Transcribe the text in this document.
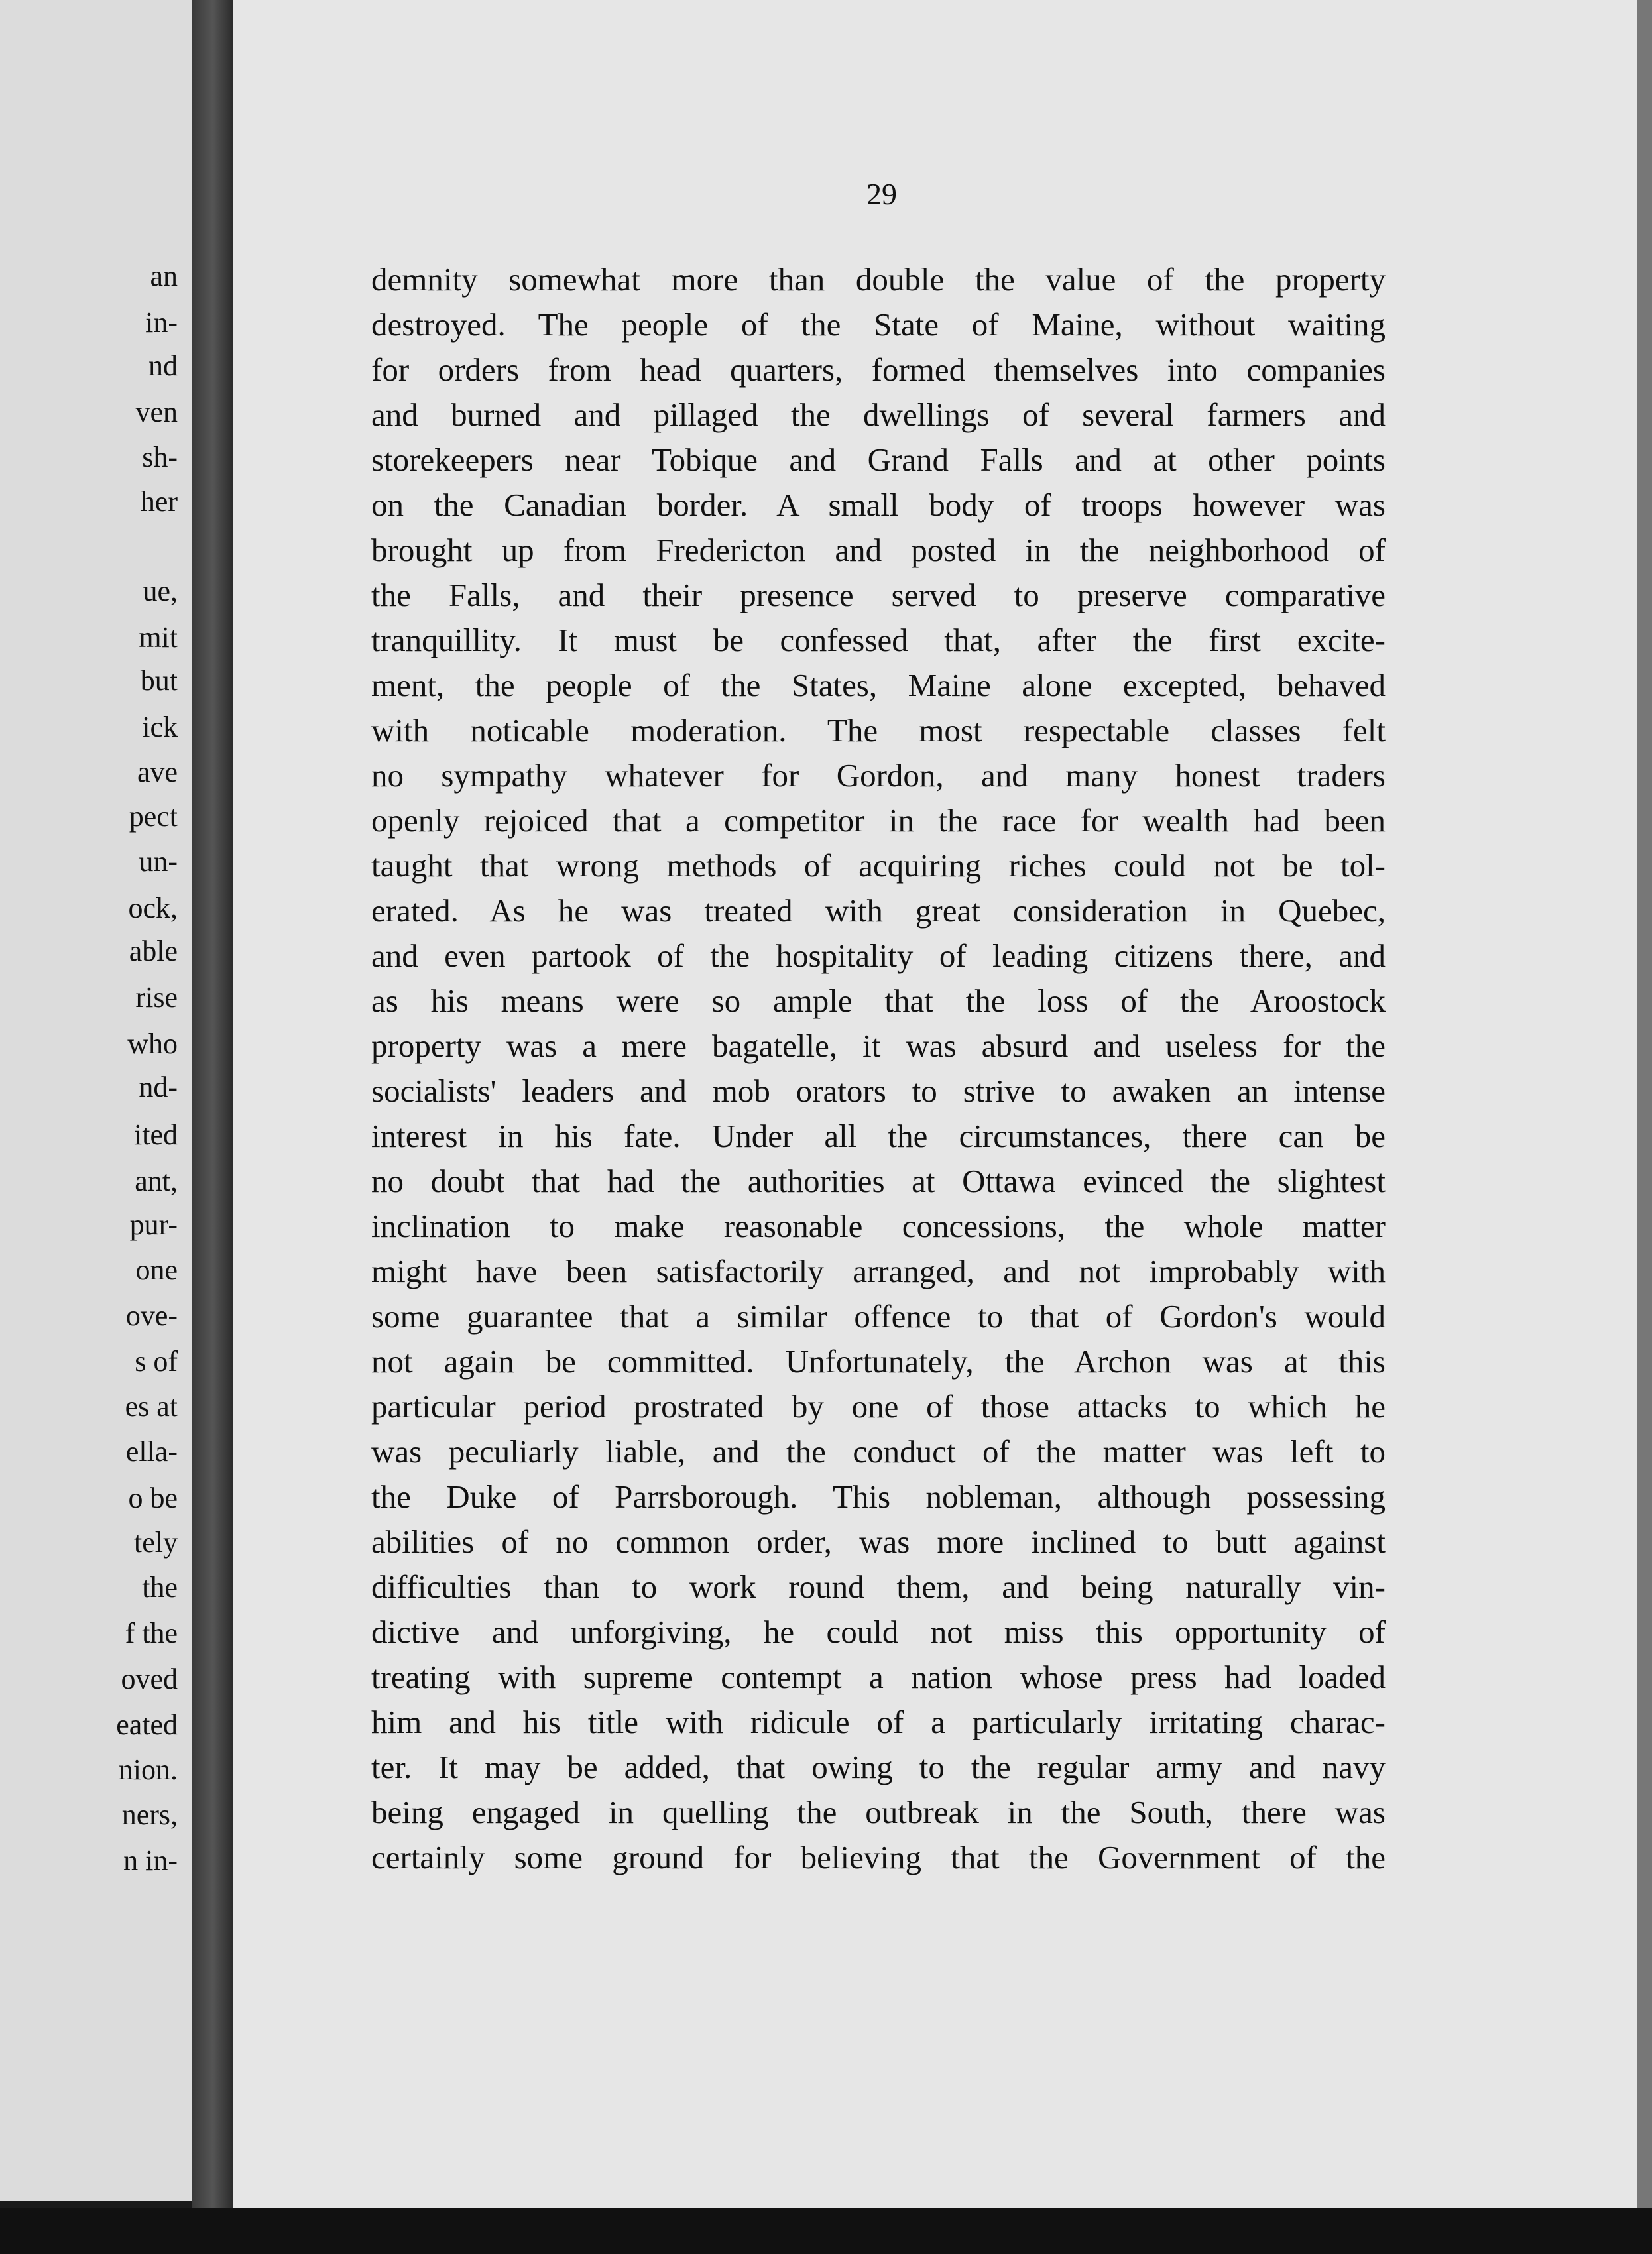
an
in-
nd
ven
sh-
her
ue,
mit
but
ick
ave
pect
un-
ock,
able
rise
who
nd-
ited
ant,
pur-
one
ove-
s of
es at
ella-
o be
tely
the
f the
oved
eated
nion.
ners,
n in-
29
demnity somewhat more than double the value of the property
destroyed. The people of the State of Maine, without waiting
for orders from head quarters, formed themselves into companies
and burned and pillaged the dwellings of several farmers and
storekeepers near Tobique and Grand Falls and at other points
on the Canadian border. A small body of troops however was
brought up from Fredericton and posted in the neighborhood of
the Falls, and their presence served to preserve comparative
tranquillity. It must be confessed that, after the first excite-
ment, the people of the States, Maine alone excepted, behaved
with noticable moderation. The most respectable classes felt
no sympathy whatever for Gordon, and many honest traders
openly rejoiced that a competitor in the race for wealth had been
taught that wrong methods of acquiring riches could not be tol-
erated. As he was treated with great consideration in Quebec,
and even partook of the hospitality of leading citizens there, and
as his means were so ample that the loss of the Aroostock
property was a mere bagatelle, it was absurd and useless for the
socialists' leaders and mob orators to strive to awaken an intense
interest in his fate. Under all the circumstances, there can be
no doubt that had the authorities at Ottawa evinced the slightest
inclination to make reasonable concessions, the whole matter
might have been satisfactorily arranged, and not improbably with
some guarantee that a similar offence to that of Gordon's would
not again be committed. Unfortunately, the Archon was at this
particular period prostrated by one of those attacks to which he
was peculiarly liable, and the conduct of the matter was left to
the Duke of Parrsborough. This nobleman, although possessing
abilities of no common order, was more inclined to butt against
difficulties than to work round them, and being naturally vin-
dictive and unforgiving, he could not miss this opportunity of
treating with supreme contempt a nation whose press had loaded
him and his title with ridicule of a particularly irritating charac-
ter. It may be added, that owing to the regular army and navy
being engaged in quelling the outbreak in the South, there was
certainly some ground for believing that the Government of the
